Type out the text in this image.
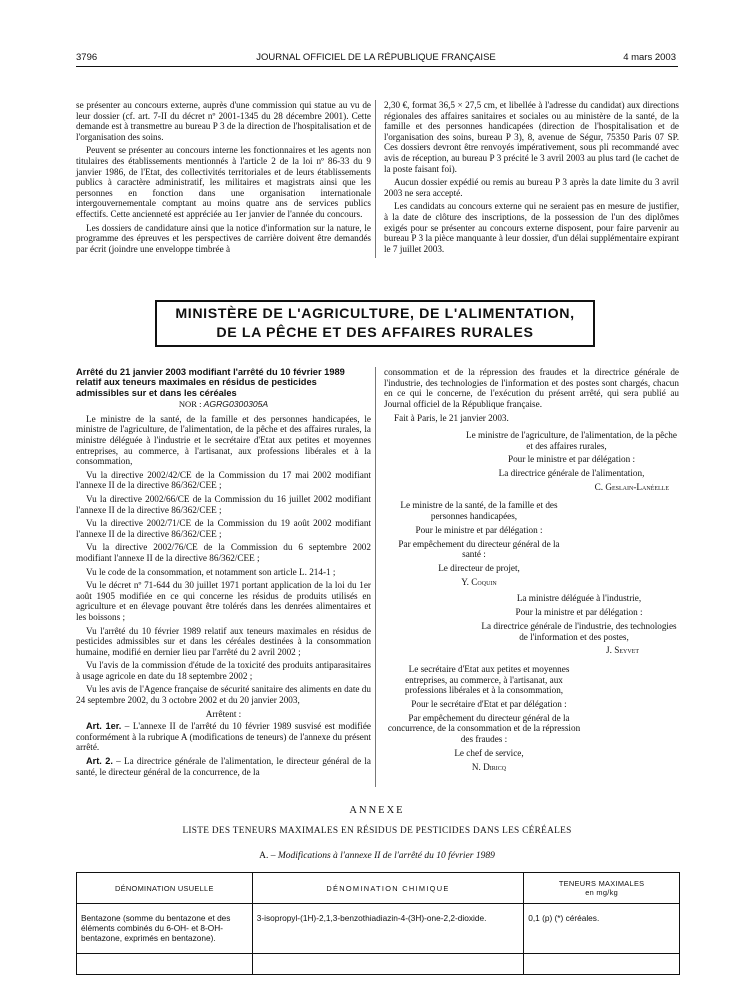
3796	JOURNAL OFFICIEL DE LA RÉPUBLIQUE FRANÇAISE	4 mars 2003

se présenter au concours externe, auprès d'une commission qui statue au vu de leur dossier (cf. art. 7-II du décret nº 2001-1345 du 28 décembre 2001). Cette demande est à transmettre au bureau P 3 de la direction de l'hospitalisation et de l'organisation des soins.

Peuvent se présenter au concours interne les fonctionnaires et les agents non titulaires des établissements mentionnés à l'article 2 de la loi nº 86-33 du 9 janvier 1986, de l'Etat, des collectivités territoriales et de leurs établissements publics à caractère administratif, les militaires et magistrats ainsi que les personnes en fonction dans une organisation internationale intergouvernementale comptant au moins quatre ans de services publics effectifs. Cette ancienneté est appréciée au 1er janvier de l'année du concours.

Les dossiers de candidature ainsi que la notice d'information sur la nature, le programme des épreuves et les perspectives de carrière doivent être demandés par écrit (joindre une enveloppe timbrée à

2,30 €, format 36,5 × 27,5 cm, et libellée à l'adresse du candidat) aux directions régionales des affaires sanitaires et sociales ou au ministère de la santé, de la famille et des personnes handicapées (direction de l'hospitalisation et de l'organisation des soins, bureau P 3), 8, avenue de Ségur, 75350 Paris 07 SP. Ces dossiers devront être renvoyés impérativement, sous pli recommandé avec avis de réception, au bureau P 3 précité le 3 avril 2003 au plus tard (le cachet de la poste faisant foi).

Aucun dossier expédié ou remis au bureau P 3 après la date limite du 3 avril 2003 ne sera accepté.

Les candidats au concours externe qui ne seraient pas en mesure de justifier, à la date de clôture des inscriptions, de la possession de l'un des diplômes exigés pour se présenter au concours externe disposent, pour faire parvenir au bureau P 3 la pièce manquante à leur dossier, d'un délai supplémentaire expirant le 7 juillet 2003.

MINISTÈRE DE L'AGRICULTURE, DE L'ALIMENTATION,
DE LA PÊCHE ET DES AFFAIRES RURALES
Arrêté du 21 janvier 2003 modifiant l'arrêté du 10 février 1989 relatif aux teneurs maximales en résidus de pesticides admissibles sur et dans les céréales
NOR : AGRG0300305A

Le ministre de la santé, de la famille et des personnes handicapées, le ministre de l'agriculture, de l'alimentation, de la pêche et des affaires rurales, la ministre déléguée à l'industrie et le secrétaire d'Etat aux petites et moyennes entreprises, au commerce, à l'artisanat, aux professions libérales et à la consommation,

Vu la directive 2002/42/CE de la Commission du 17 mai 2002 modifiant l'annexe II de la directive 86/362/CEE ;

Vu la directive 2002/66/CE de la Commission du 16 juillet 2002 modifiant l'annexe II de la directive 86/362/CEE ;

Vu la directive 2002/71/CE de la Commission du 19 août 2002 modifiant l'annexe II de la directive 86/362/CEE ;

Vu la directive 2002/76/CE de la Commission du 6 septembre 2002 modifiant l'annexe II de la directive 86/362/CEE ;

Vu le code de la consommation, et notamment son article L. 214-1 ;

Vu le décret nº 71-644 du 30 juillet 1971 portant application de la loi du 1er août 1905 modifiée en ce qui concerne les résidus de produits utilisés en agriculture et en élevage pouvant être tolérés dans les denrées alimentaires et les boissons ;

Vu l'arrêté du 10 février 1989 relatif aux teneurs maximales en résidus de pesticides admissibles sur et dans les céréales destinées à la consommation humaine, modifié en dernier lieu par l'arrêté du 2 avril 2002 ;

Vu l'avis de la commission d'étude de la toxicité des produits antiparasitaires à usage agricole en date du 18 septembre 2002 ;

Vu les avis de l'Agence française de sécurité sanitaire des aliments en date du 24 septembre 2002, du 3 octobre 2002 et du 20 janvier 2003,

Arrêtent :

Art. 1er. – L'annexe II de l'arrêté du 10 février 1989 susvisé est modifiée conformément à la rubrique A (modifications de teneurs) de l'annexe du présent arrêté.

Art. 2. – La directrice générale de l'alimentation, le directeur général de la santé, le directeur général de la concurrence, de la

consommation et de la répression des fraudes et la directrice générale de l'industrie, des technologies de l'information et des postes sont chargés, chacun en ce qui le concerne, de l'exécution du présent arrêté, qui sera publié au Journal officiel de la République française.

Fait à Paris, le 21 janvier 2003.

Le ministre de l'agriculture, de l'alimentation, de la pêche et des affaires rurales,

Pour le ministre et par délégation :

La directrice générale de l'alimentation,

C. Geslain-Lanéelle

Le ministre de la santé, de la famille et des personnes handicapées,

Pour le ministre et par délégation :

Par empêchement du directeur général de la santé :

Le directeur de projet,

Y. Coquin

La ministre déléguée à l'industrie,

Pour la ministre et par délégation :

La directrice générale de l'industrie, des technologies de l'information et des postes,

J. Seyvet

Le secrétaire d'Etat aux petites et moyennes entreprises, au commerce, à l'artisanat, aux professions libérales et à la consommation,

Pour le secrétaire d'Etat et par délégation :

Par empêchement du directeur général de la concurrence, de la consommation et de la répression des fraudes :

Le chef de service,

N. Diricq

ANNEXE
LISTE DES TENEURS MAXIMALES EN RÉSIDUS DE PESTICIDES DANS LES CÉRÉALES
A. – Modifications à l'annexe II de l'arrêté du 10 février 1989
DÉNOMINATION USUELLE	DÉNOMINATION CHIMIQUE	TENEURS MAXIMALES
en mg/kg

Bentazone (somme du bentazone et des éléments combinés du 6-OH- et 8-OH-bentazone, exprimés en bentazone).	3-isopropyl-(1H)-2,1,3-benzothiadiazin-4-(3H)-one-2,2-dioxide.	0,1 (p) (*) céréales.
